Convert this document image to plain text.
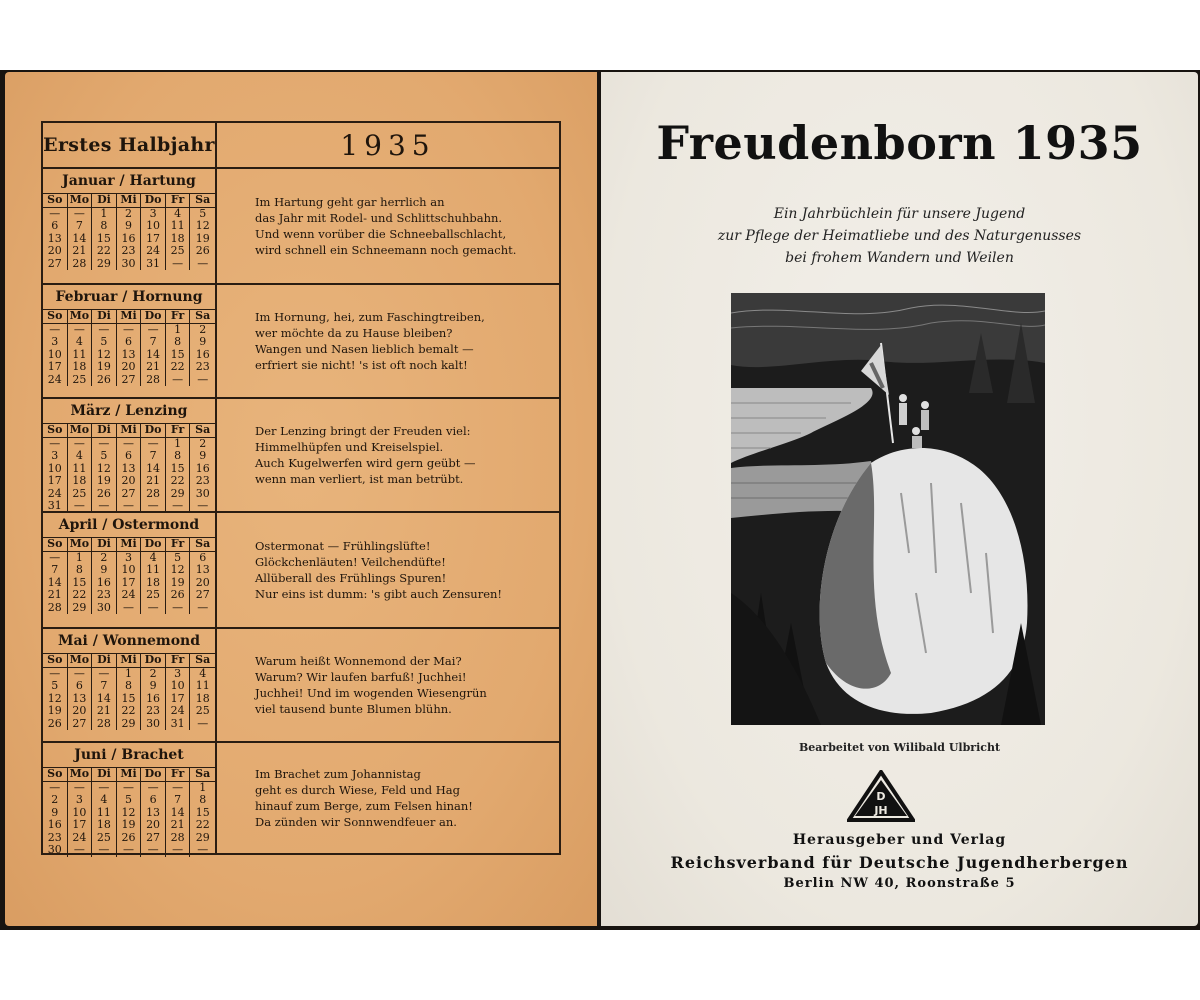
Erstes Halbjahr	1935
Januar / Hartung
So Mo Di Mi Do Fr Sa
—	—	1	2	3	4	5
6	7	8	9	10 11	12
13 14 15 16 17 18	19
20 21 22 23 24 25	26
27 28 29 30 31	—	—
Im Hartung geht gar herrlich an
das Jahr mit Rodel- und Schlittschuhbahn.
Und wenn vorüber die Schneeballschlacht,
wird schnell ein Schneemann noch gemacht.
Februar / Hornung
So Mo Di Mi Do Fr Sa
—	—	—	—	—	1	2
3	4	5	6	7	8	9
10 11 12 13 14 15	16
17 18 19 20 21 22	23
24 25 26 27 28	—	—
Im Hornung, hei, zum Faschingtreiben,
wer möchte da zu Hause bleiben?
Wangen und Nasen lieblich bemalt —
erfriert sie nicht! 's ist oft noch kalt!
März / Lenzing
So Mo Di Mi Do Fr Sa
—	—	—	—	—	1	2
3	4	5	6	7	8	9
10 11 12 13 14 15	16
17 18 19 20 21 22	23
24 25 26 27 28 29	30
31	—	—	—	—	—	—
Der Lenzing bringt der Freuden viel:
Himmelhüpfen und Kreiselspiel.
Auch Kugelwerfen wird gern geübt —
wenn man verliert, ist man betrübt.
April / Ostermond
So Mo Di Mi Do Fr Sa
—	1	2	3	4	5	6
7	8	9	10 11 12	13
14 15 16 17 18 19	20
21 22 23 24 25 26	27
28 29 30	—	—	—	—
Ostermonat — Frühlingslüfte!
Glöckchenläuten! Veilchendüfte!
Allüberall des Frühlings Spuren!
Nur eins ist dumm: 's gibt auch Zensuren!
Mai / Wonnemond
So Mo Di Mi Do Fr Sa
—	—	—	1	2	3	4
5	6	7	8	9	10	11
12 13 14 15 16 17	18
19 20 21 22 23 24	25
26 27 28 29 30 31	—
Warum heißt Wonnemond der Mai?
Warum? Wir laufen barfuß! Juchhei!
Juchhei! Und im wogenden Wiesengrün
viel tausend bunte Blumen blühn.
Juni / Brachet
So Mo Di Mi Do Fr Sa
—	—	—	—	—	—	1
2	3	4	5	6	7	8
9	10 11 12 13 14	15
16 17 18 19 20 21	22
23 24 25 26 27 28	29
30	—	—	—	—	—	—
Im Brachet zum Johannistag
geht es durch Wiese, Feld und Hag
hinauf zum Berge, zum Felsen hinan!
Da zünden wir Sonnwendfeuer an.
Freudenborn 1935
Ein Jahrbüchlein für unsere Jugend
zur Pflege der Heimatliebe und des Naturgenusses
bei frohem Wandern und Weilen
Bearbeitet von Wilibald Ulbricht
D
JH
Herausgeber und Verlag
Reichsverband für Deutsche Jugendherbergen
Berlin NW 40, Roonstraße 5
